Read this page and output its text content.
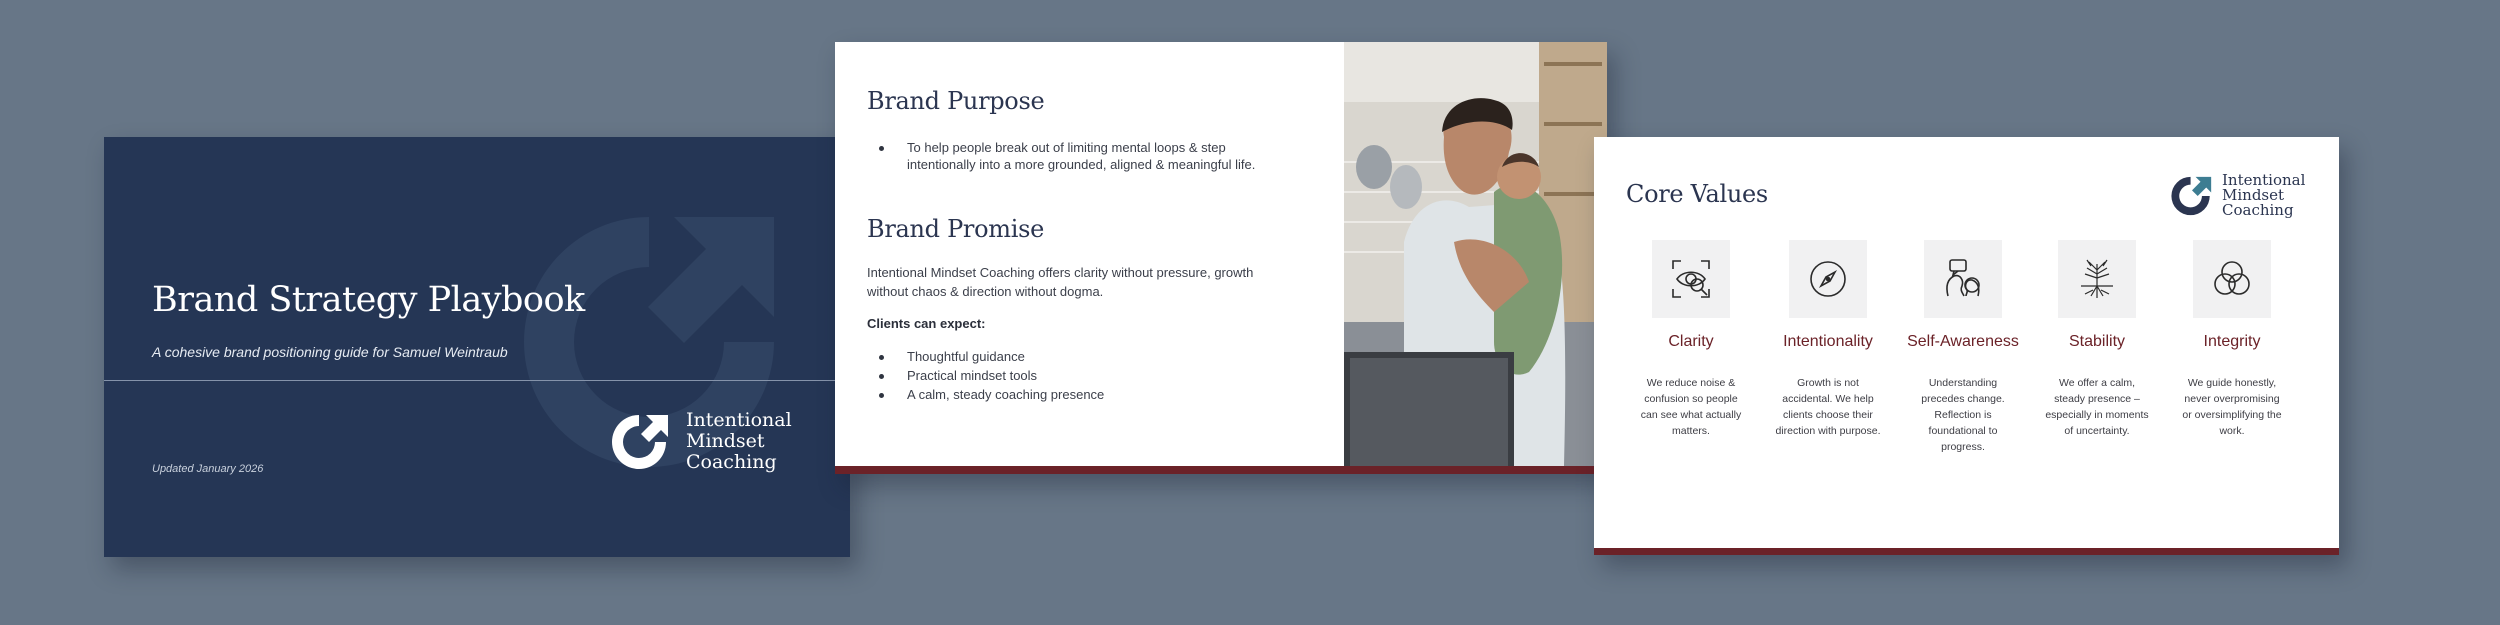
Brand Strategy Playbook
A cohesive brand positioning guide for Samuel Weintraub
Updated January 2026
Intentional
Mindset
Coaching
Brand Purpose
To help people break out of limiting mental loops & step
intentionally into a more grounded, aligned & meaningful life.
Brand Promise
Intentional Mindset Coaching offers clarity without pressure, growth
without chaos & direction without dogma.
Clients can expect:
Thoughtful guidance
Practical mindset tools
A calm, steady coaching presence
Core Values	Intentional
Mindset
Coaching
Clarity
We reduce noise &
confusion so people
can see what actually
matters.
Intentionality
Growth is not
accidental. We help
clients choose their
direction with purpose.
Self-Awareness
Understanding
precedes change.
Reflection is
foundational to
progress.
Stability
We offer a calm,
steady presence –
especially in moments
of uncertainty.
Integrity
We guide honestly,
never overpromising
or oversimplifying the
work.
